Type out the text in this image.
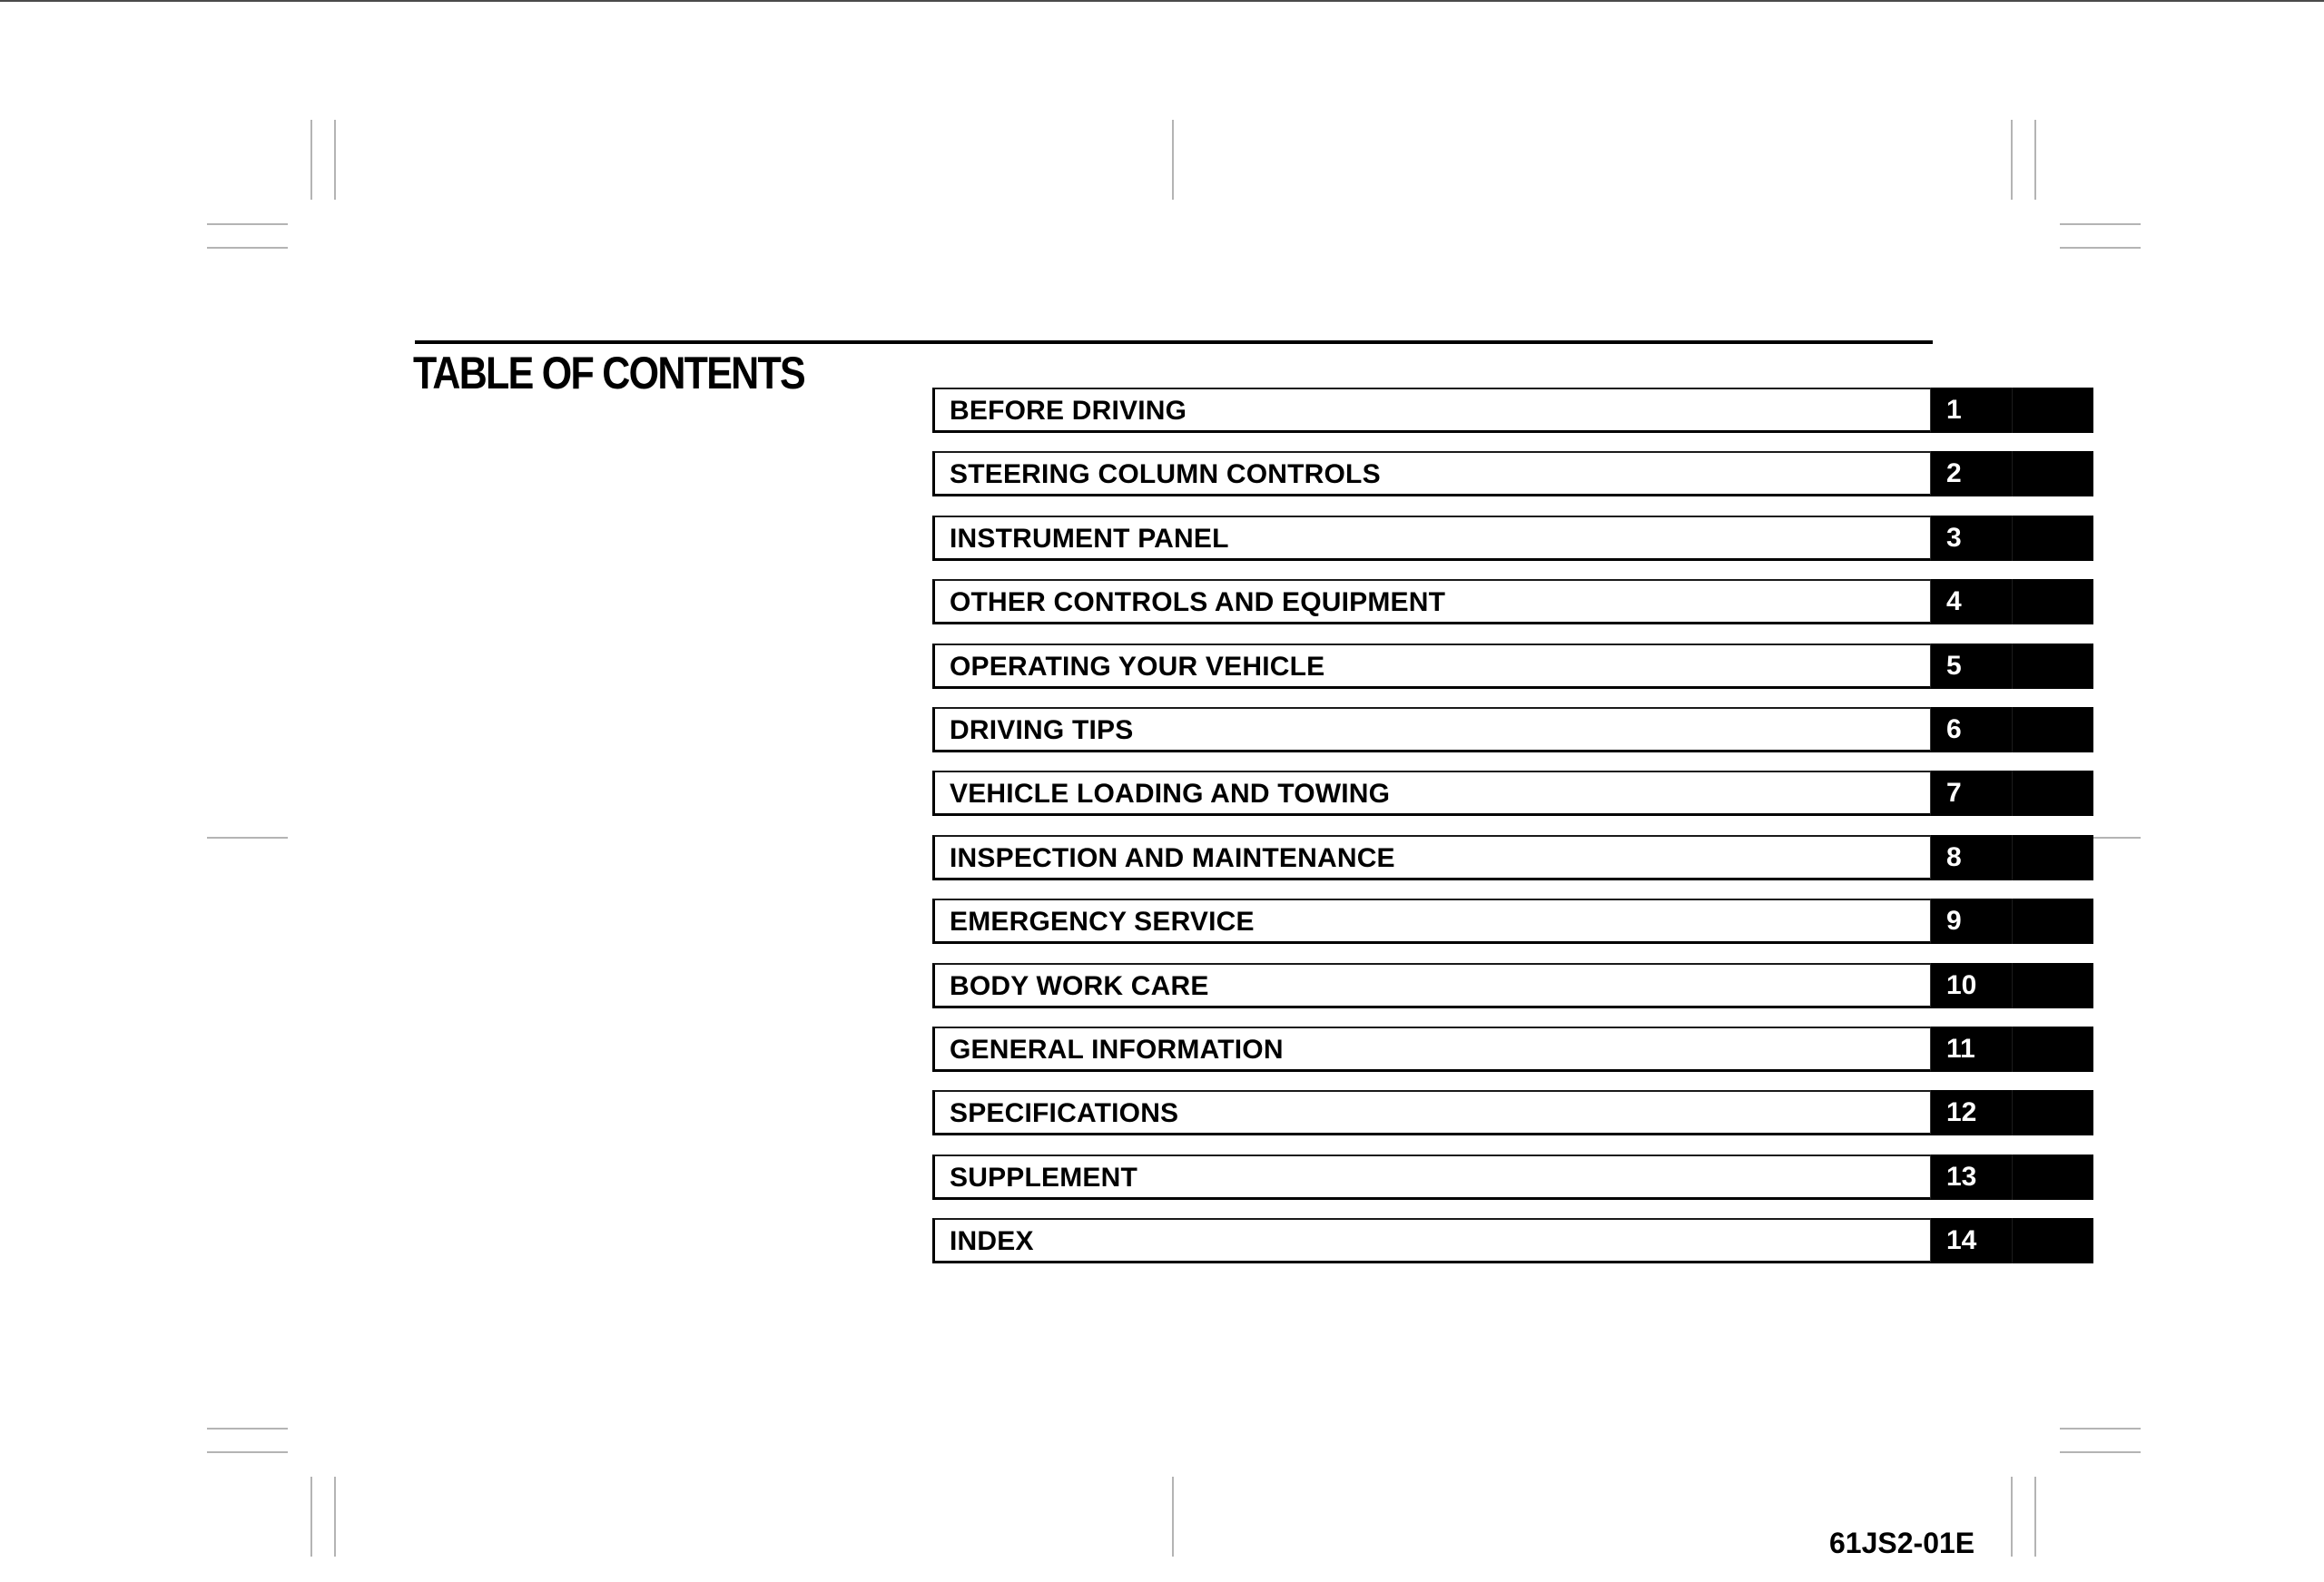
TABLE OF CONTENTS
BEFORE DRIVING	1
STEERING COLUMN CONTROLS	2
INSTRUMENT PANEL	3
OTHER CONTROLS AND EQUIPMENT	4
OPERATING YOUR VEHICLE	5
DRIVING TIPS	6
VEHICLE LOADING AND TOWING	7
INSPECTION AND MAINTENANCE	8
EMERGENCY SERVICE	9
BODY WORK CARE	10
GENERAL INFORMATION	11
SPECIFICATIONS	12
SUPPLEMENT	13
INDEX	14
61JS2-01E
